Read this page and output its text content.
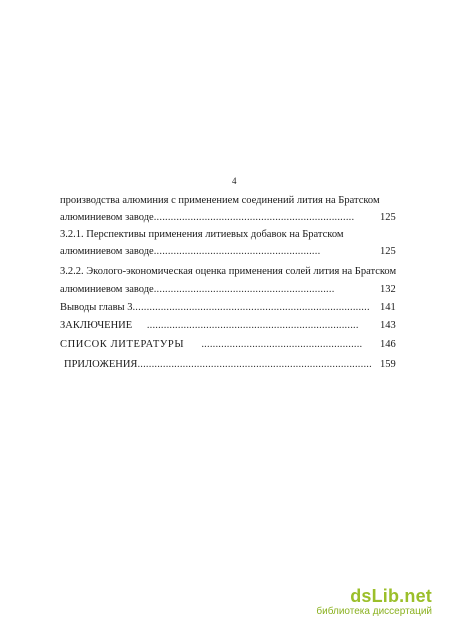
4
производства алюминия с применением соединений лития на Братском
алюминиевом заводе....................................................................... 125
3.2.1. Перспективы применения литиевых добавок на Братском
алюминиевом заводе...........................................................	125
3.2.2. Эколого-экономическая оценка применения солей лития на Братском
алюминиевом заводе................................................................	132
Выводы главы 3.................................................................................... 141
ЗАКЛЮЧЕНИЕ ........................................................................... 143
СПИСОК ЛИТЕРАТУРЫ ......................................................... 146
ПРИЛОЖЕНИЯ................................................................................... 159
dsLib.net
библиотека диссертаций
